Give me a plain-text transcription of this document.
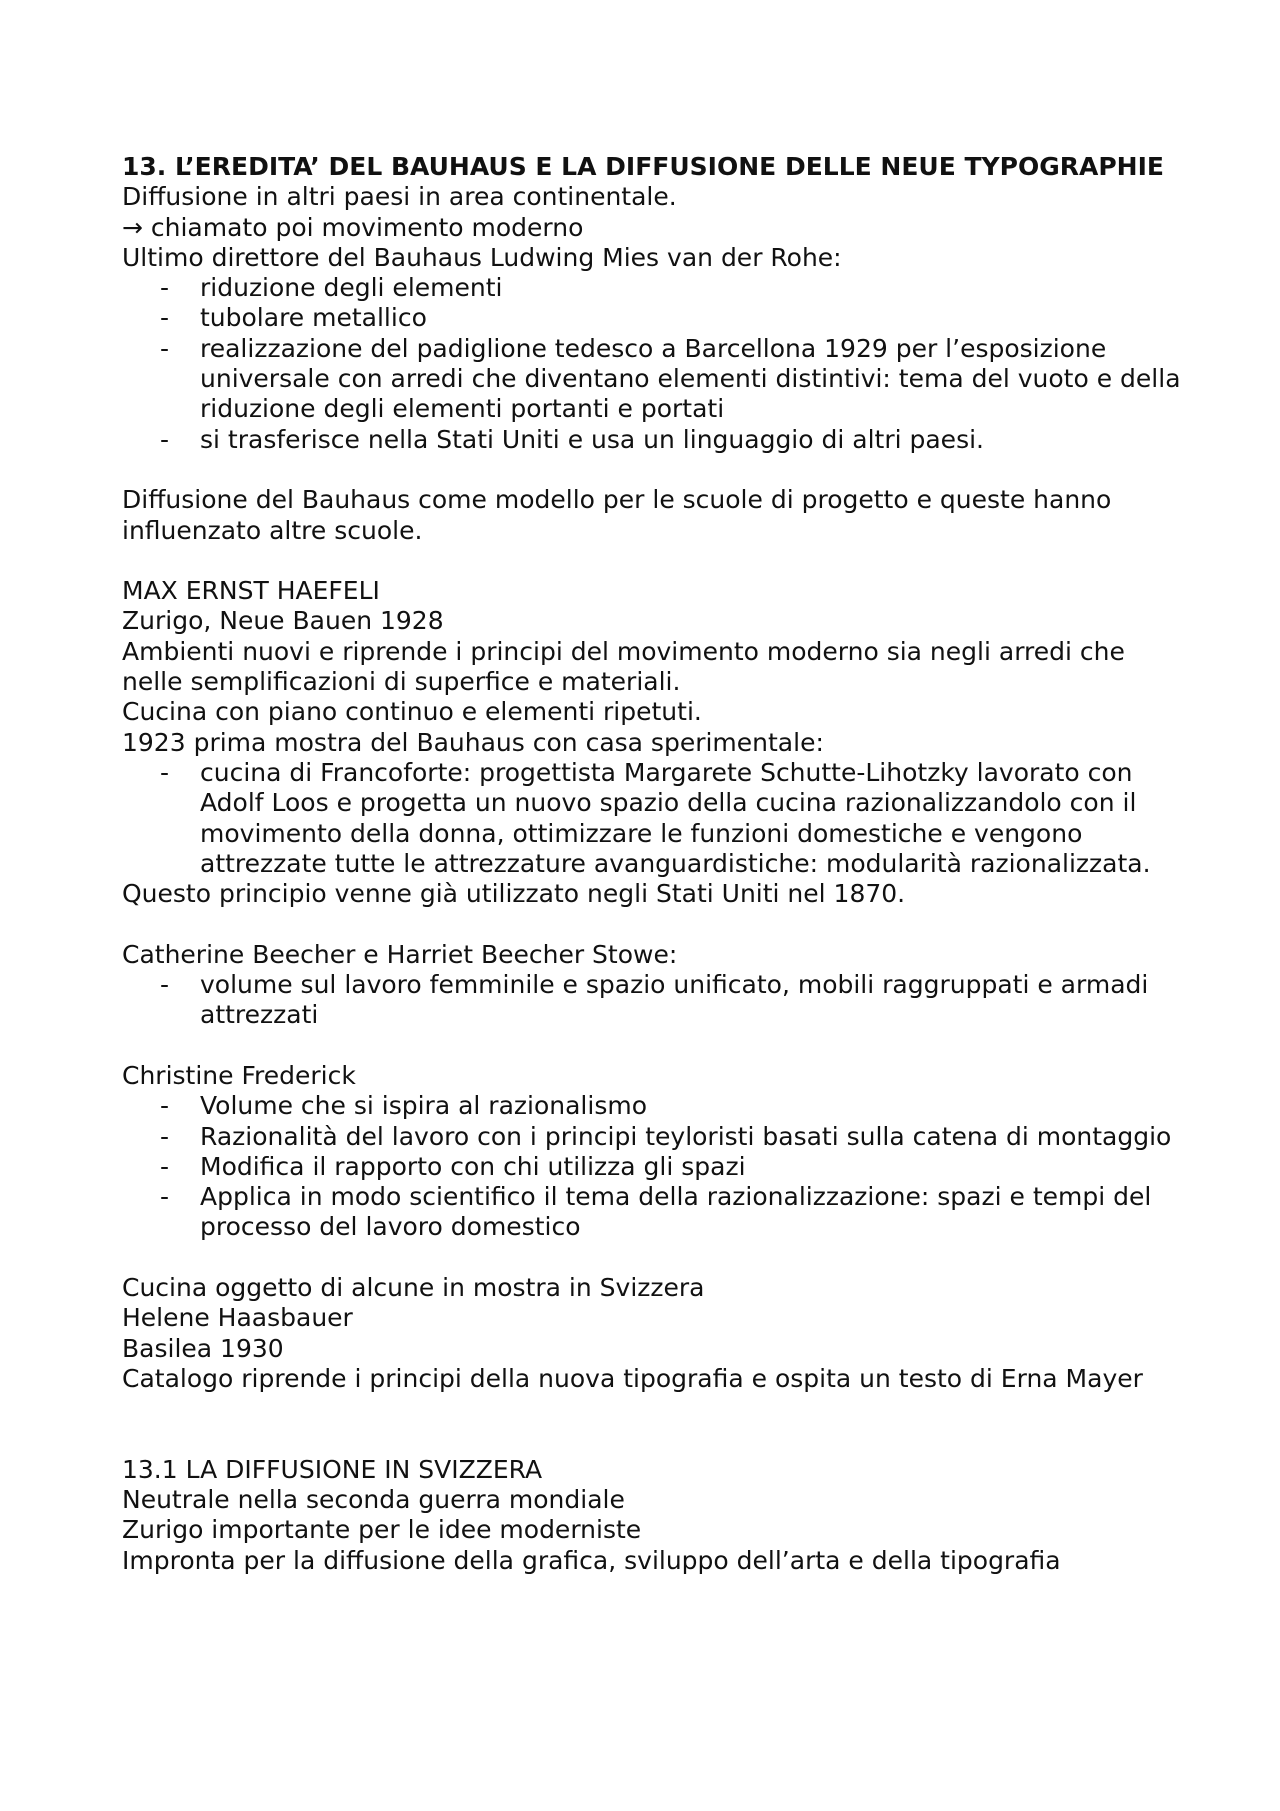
13. L’EREDITA’ DEL BAUHAUS E LA DIFFUSIONE DELLE NEUE TYPOGRAPHIE

Diffusione in altri paesi in area continentale.

→ chiamato poi movimento moderno

Ultimo direttore del Bauhaus Ludwing Mies van der Rohe:

- riduzione degli elementi
- tubolare metallico
- realizzazione del padiglione tedesco a Barcellona 1929 per l’esposizione universale con arredi che diventano elementi distintivi: tema del vuoto e della riduzione degli elementi portanti e portati
- si trasferisce nella Stati Uniti e usa un linguaggio di altri paesi.

Diffusione del Bauhaus come modello per le scuole di progetto e queste hanno influenzato altre scuole.

MAX ERNST HAEFELI

Zurigo, Neue Bauen 1928

Ambienti nuovi e riprende i principi del movimento moderno sia negli arredi che nelle semplificazioni di superfice e materiali.

Cucina con piano continuo e elementi ripetuti.

1923 prima mostra del Bauhaus con casa sperimentale:

- cucina di Francoforte: progettista Margarete Schutte-Lihotzky lavorato con Adolf Loos e progetta un nuovo spazio della cucina razionalizzandolo con il movimento della donna, ottimizzare le funzioni domestiche e vengono attrezzate tutte le attrezzature avanguardistiche: modularità razionalizzata.

Questo principio venne già utilizzato negli Stati Uniti nel 1870.

Catherine Beecher e Harriet Beecher Stowe:

- volume sul lavoro femminile e spazio unificato, mobili raggruppati e armadi attrezzati

Christine Frederick

- Volume che si ispira al razionalismo
- Razionalità del lavoro con i principi teyloristi basati sulla catena di montaggio
- Modifica il rapporto con chi utilizza gli spazi
- Applica in modo scientifico il tema della razionalizzazione: spazi e tempi del processo del lavoro domestico

Cucina oggetto di alcune in mostra in Svizzera

Helene Haasbauer

Basilea 1930

Catalogo riprende i principi della nuova tipografia e ospita un testo di Erna Mayer

13.1 LA DIFFUSIONE IN SVIZZERA

Neutrale nella seconda guerra mondiale

Zurigo importante per le idee moderniste

Impronta per la diffusione della grafica, sviluppo dell’arta e della tipografia
